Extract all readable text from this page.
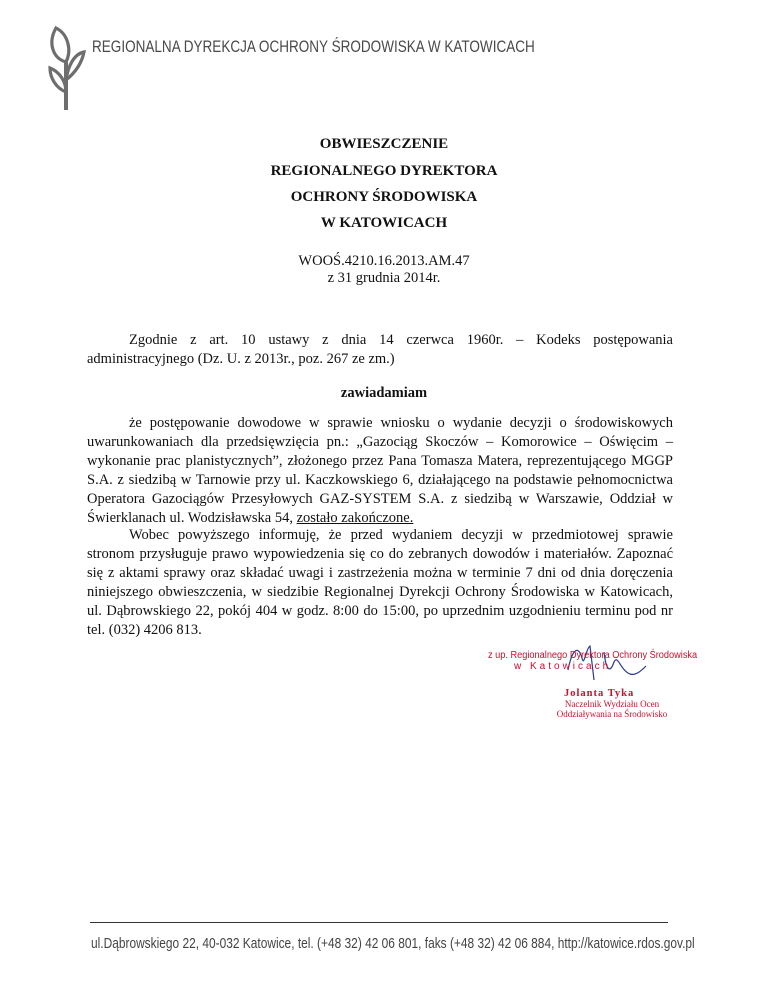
REGIONALNA DYREKCJA OCHRONY ŚRODOWISKA W KATOWICACH
OBWIESZCZENIE
REGIONALNEGO DYREKTORA
OCHRONY ŚRODOWISKA
W KATOWICACH
WOOŚ.4210.16.2013.AM.47
z 31 grudnia 2014r.
Zgodnie z art. 10 ustawy z dnia 14 czerwca 1960r. – Kodeks postępowania administracyjnego (Dz. U. z 2013r., poz. 267 ze zm.)
zawiadamiam
że postępowanie dowodowe w sprawie wniosku o wydanie decyzji o środowiskowych uwarunkowaniach dla przedsięwzięcia pn.: „Gazociąg Skoczów – Komorowice – Oświęcim – wykonanie prac planistycznych”, złożonego przez Pana Tomasza Matera, reprezentującego MGGP S.A. z siedzibą w Tarnowie przy ul. Kaczkowskiego 6, działającego na podstawie pełnomocnictwa Operatora Gazociągów Przesyłowych GAZ-SYSTEM S.A. z siedzibą w Warszawie, Oddział w Świerklanach ul. Wodzisławska 54, zostało zakończone.
Wobec powyższego informuję, że przed wydaniem decyzji w przedmiotowej sprawie stronom przysługuje prawo wypowiedzenia się co do zebranych dowodów i materiałów. Zapoznać się z aktami sprawy oraz składać uwagi i zastrzeżenia można w terminie 7 dni od dnia doręczenia niniejszego obwieszczenia, w siedzibie Regionalnej Dyrekcji Ochrony Środowiska w Katowicach, ul. Dąbrowskiego 22, pokój 404 w godz. 8:00 do 15:00, po uprzednim uzgodnieniu terminu pod nr tel. (032) 4206 813.
z up. Regionalnego Dyrektora Ochrony Środowiska
w Katowicach
Jolanta Tyka
Naczelnik Wydziału Ocen
Oddziaływania na Środowisko
ul.Dąbrowskiego 22, 40-032 Katowice, tel. (+48 32) 42 06 801, faks (+48 32) 42 06 884, http://katowice.rdos.gov.pl
